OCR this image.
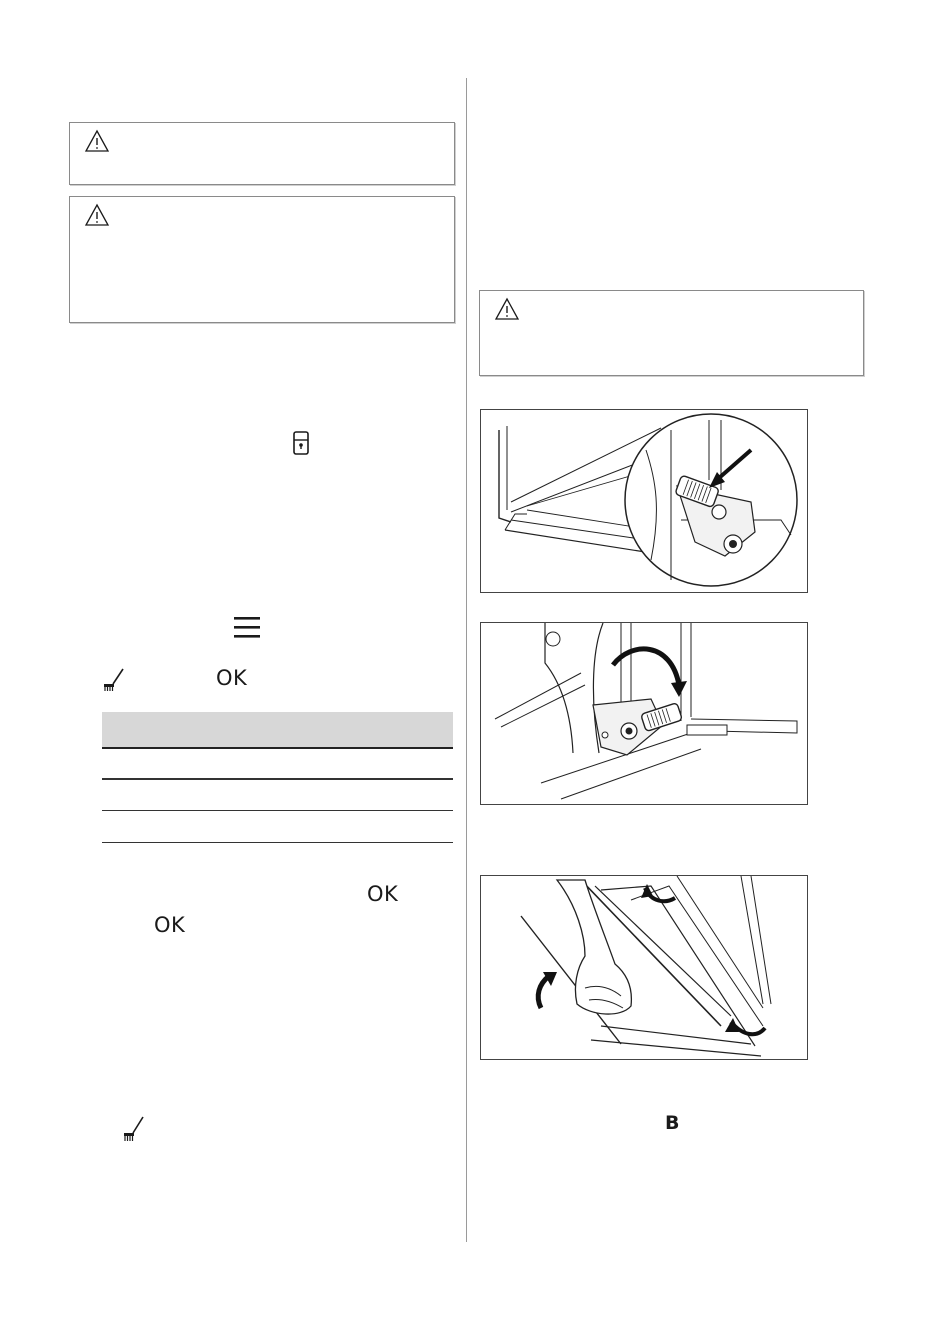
OK
OK
OK
B
